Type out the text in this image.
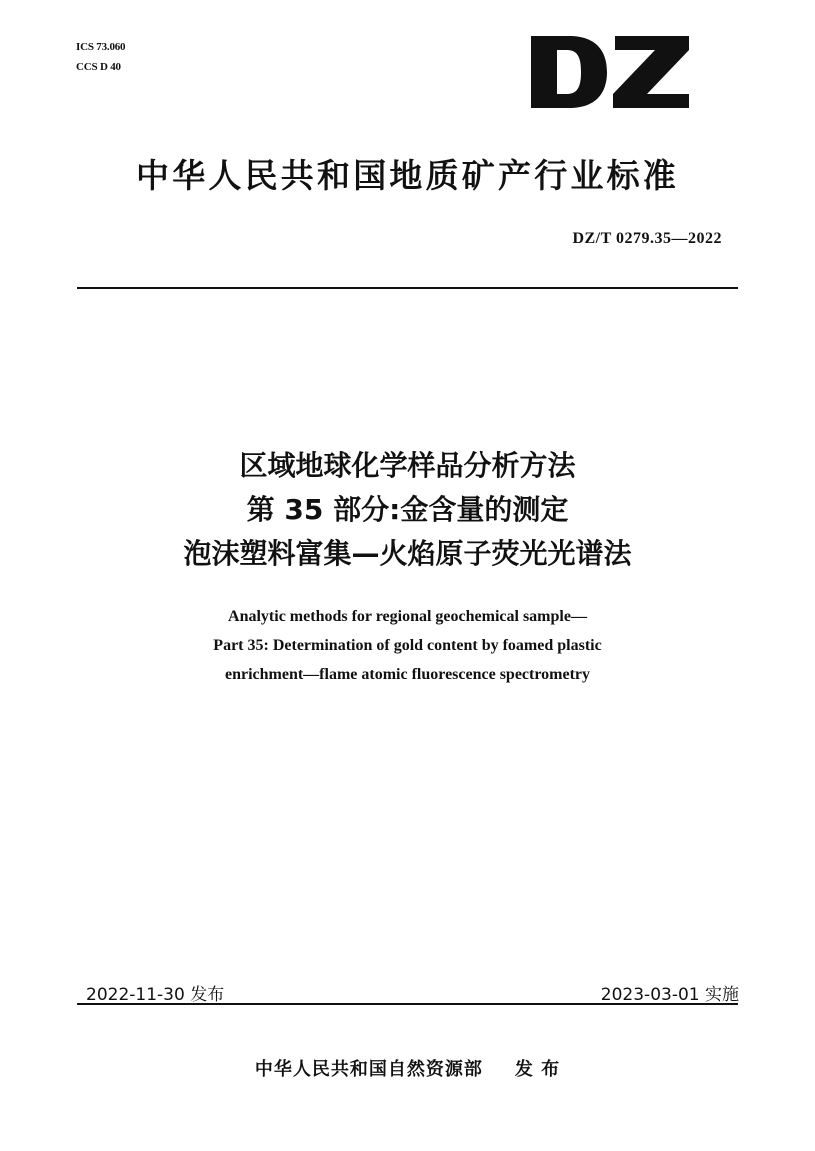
ICS 73.060
CCS D 40
中华人民共和国地质矿产行业标准
DZ/T 0279.35—2022
区域地球化学样品分析方法
第 35 部分:金含量的测定
泡沫塑料富集—火焰原子荧光光谱法
Analytic methods for regional geochemical sample—
Part 35: Determination of gold content by foamed plastic
enrichment—flame atomic fluorescence spectrometry
2022-11-30 发布	2023-03-01 实施
中华人民共和国自然资源部 发 布
